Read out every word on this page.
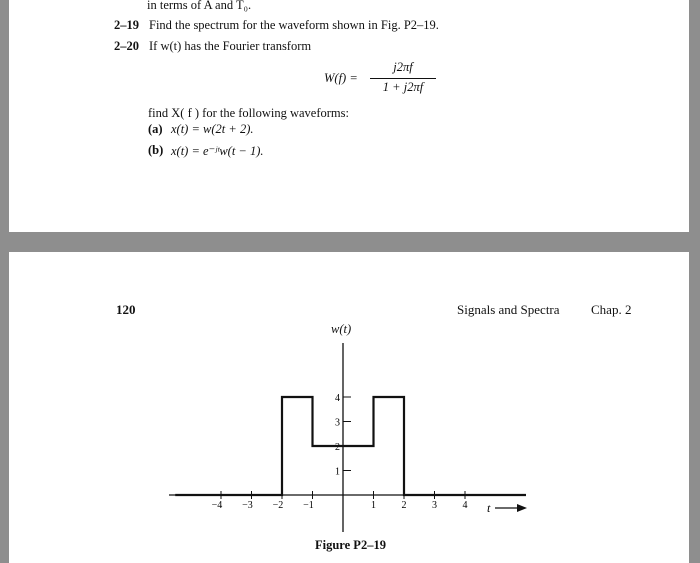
in terms of A and T₀.
2–19 Find the spectrum for the waveform shown in Fig. P2–19.
2–20 If w(t) has the Fourier transform
W(f) =
j2πf
1 + j2πf
find X( f ) for the following waveforms:
(a) x(t) = w(2t + 2).
(b) x(t) = e⁻ʲᵗw(t − 1).
120	Signals and Spectra Chap. 2
w(t)
t
−4 −3 −2 −1	1	2	3	4
1
2
3
4
Figure P2–19
